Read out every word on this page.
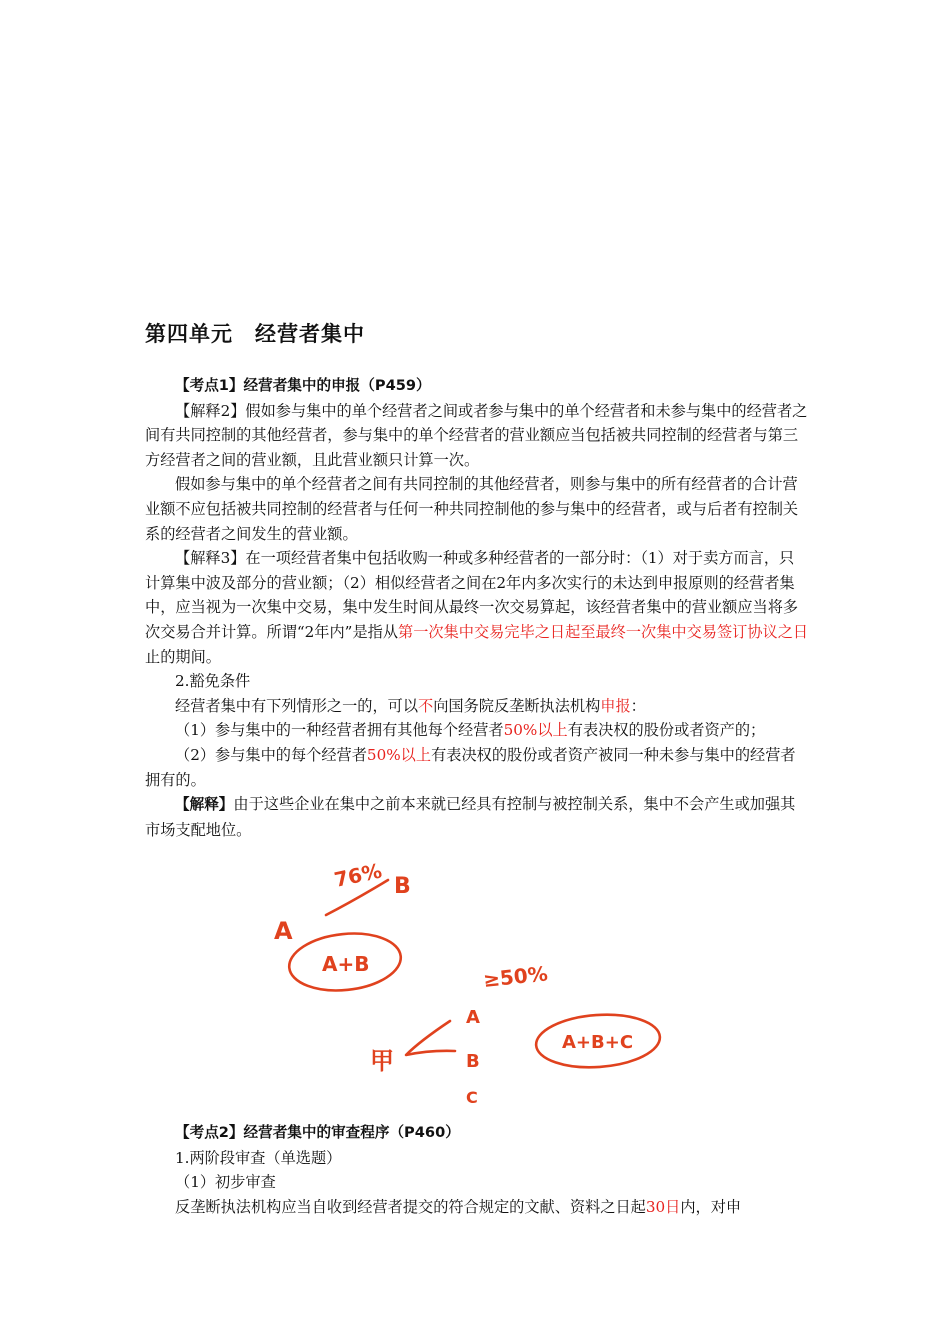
第四单元　经营者集中

【考点1】经营者集中的申报（P459）

【解释2】假如参与集中的单个经营者之间或者参与集中的单个经营者和未参与集中的经营者之间有共同控制的其他经营者，参与集中的单个经营者的营业额应当包括被共同控制的经营者与第三方经营者之间的营业额，且此营业额只计算一次。

假如参与集中的单个经营者之间有共同控制的其他经营者，则参与集中的所有经营者的合计营业额不应包括被共同控制的经营者与任何一种共同控制他的参与集中的经营者，或与后者有控制关系的经营者之间发生的营业额。

【解释3】在一项经营者集中包括收购一种或多种经营者的一部分时：（1）对于卖方而言，只计算集中波及部分的营业额；（2）相似经营者之间在2年内多次实行的未达到申报原则的经营者集中，应当视为一次集中交易，集中发生时间从最终一次交易算起，该经营者集中的营业额应当将多次交易合并计算。所谓“2年内”是指从第一次集中交易完毕之日起至最终一次集中交易签订协议之日止的期间。

2.豁免条件

经营者集中有下列情形之一的，可以不向国务院反垄断执法机构申报：

（1）参与集中的一种经营者拥有其他每个经营者50%以上有表决权的股份或者资产的；

（2）参与集中的每个经营者50%以上有表决权的股份或者资产被同一种未参与集中的经营者拥有的。

【解释】由于这些企业在集中之前本来就已经具有控制与被控制关系，集中不会产生或加强其市场支配地位。

76%
A
B
A+B	≥50%
A
B
C
甲
A+B+C

【考点2】经营者集中的审查程序（P460）

1.两阶段审查（单选题）

（1）初步审查

反垄断执法机构应当自收到经营者提交的符合规定的文献、资料之日起30日内，对申
